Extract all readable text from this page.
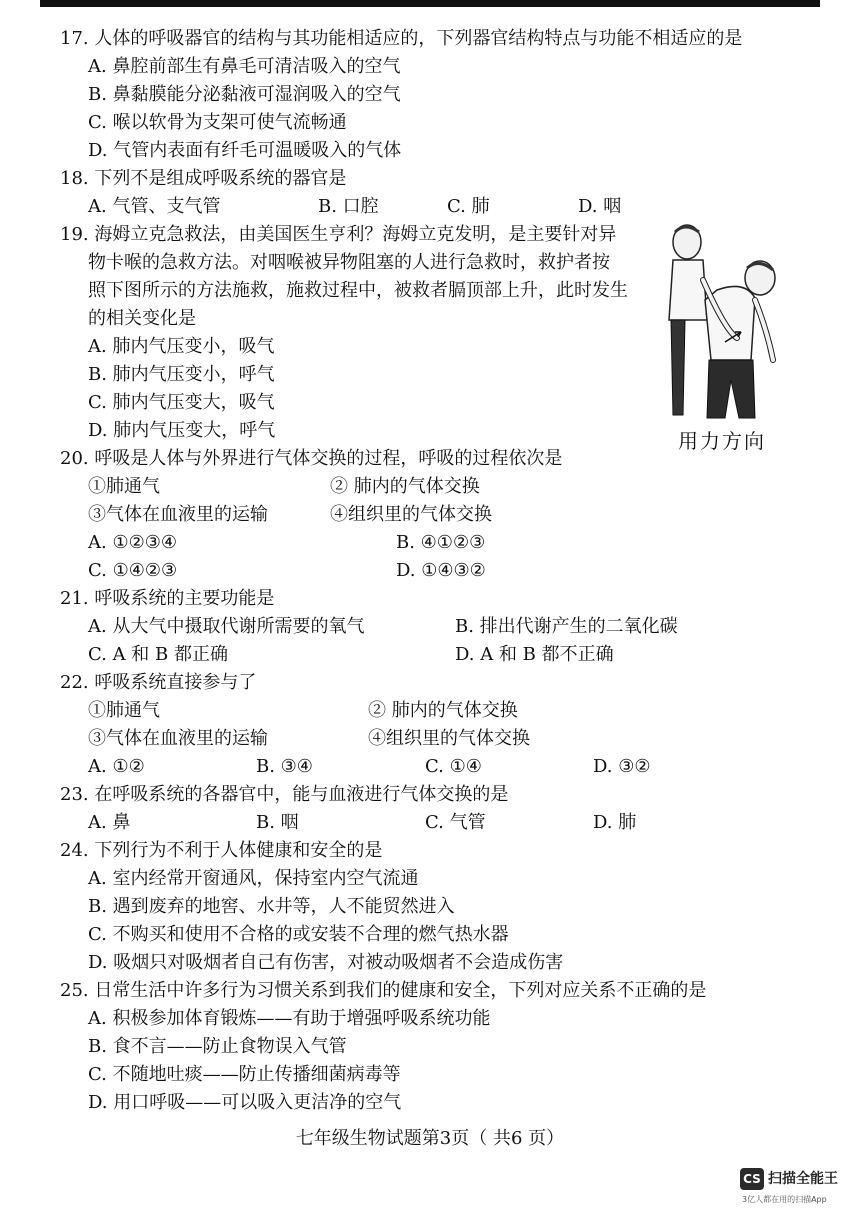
17. 人体的呼吸器官的结构与其功能相适应的，下列器官结构特点与功能不相适应的是
A. 鼻腔前部生有鼻毛可清洁吸入的空气
B. 鼻黏膜能分泌黏液可湿润吸入的空气
C. 喉以软骨为支架可使气流畅通
D. 气管内表面有纤毛可温暖吸入的气体
18. 下列不是组成呼吸系统的器官是
A. 气管、支气管	B. 口腔	C. 肺	D. 咽
19. 海姆立克急救法，由美国医生亨利？海姆立克发明，是主要针对异
物卡喉的急救方法。对咽喉被异物阻塞的人进行急救时，救护者按
照下图所示的方法施救，施救过程中，被救者膈顶部上升，此时发生
的相关变化是
A. 肺内气压变小，吸气
B. 肺内气压变小，呼气
C. 肺内气压变大，吸气
D. 肺内气压变大，呼气	用力方向
20. 呼吸是人体与外界进行气体交换的过程，呼吸的过程依次是
①肺通气	② 肺内的气体交换
③气体在血液里的运输	④组织里的气体交换
A. ①②③④	B. ④①②③
C. ①④②③	D. ①④③②
21. 呼吸系统的主要功能是
A. 从大气中摄取代谢所需要的氧气	B. 排出代谢产生的二氧化碳
C. A 和 B 都正确	D. A 和 B 都不正确
22. 呼吸系统直接参与了
①肺通气	② 肺内的气体交换
③气体在血液里的运输	④组织里的气体交换
A. ①②	B. ③④	C. ①④	D. ③②
23. 在呼吸系统的各器官中，能与血液进行气体交换的是
A. 鼻	B. 咽	C. 气管	D. 肺
24. 下列行为不利于人体健康和安全的是
A. 室内经常开窗通风，保持室内空气流通
B. 遇到废弃的地窖、水井等，人不能贸然进入
C. 不购买和使用不合格的或安装不合理的燃气热水器
D. 吸烟只对吸烟者自己有伤害，对被动吸烟者不会造成伤害
25. 日常生活中许多行为习惯关系到我们的健康和安全，下列对应关系不正确的是
A. 积极参加体育锻炼——有助于增强呼吸系统功能
B. 食不言——防止食物误入气管
C. 不随地吐痰——防止传播细菌病毒等
D. 用口呼吸——可以吸入更洁净的空气
七年级生物试题第3页（ 共6 页）
CS 扫描全能王
3亿人都在用的扫描App
